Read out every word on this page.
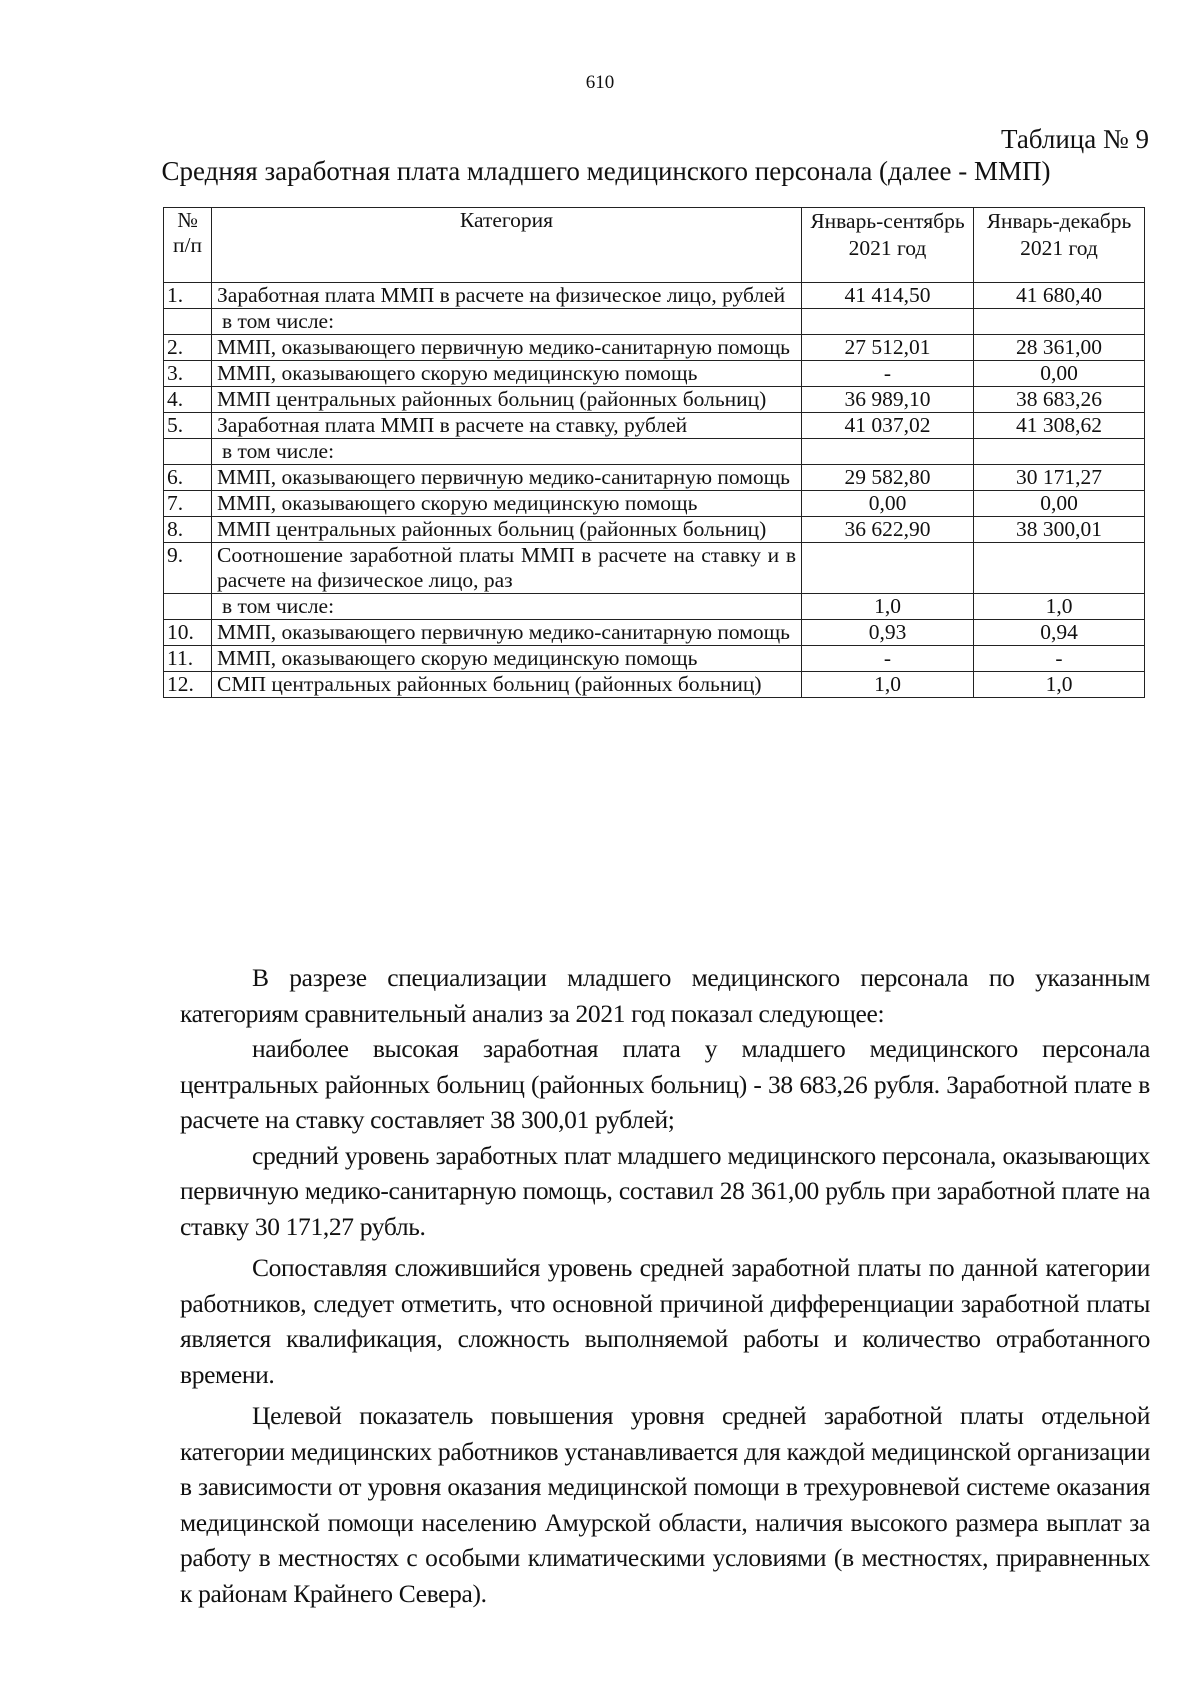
610
Таблица № 9
Средняя заработная плата младшего медицинского персонала (далее - ММП)
№ п/п	Категория	Январь-сентябрь 2021 год	Январь-декабрь 2021 год
1.	Заработная плата ММП в расчете на физическое лицо, рублей	41 414,50	41 680,40
	в том числе:		
2.	ММП, оказывающего первичную медико-санитарную помощь	27 512,01	28 361,00
3.	ММП, оказывающего скорую медицинскую помощь	-	0,00
4.	ММП центральных районных больниц (районных больниц)	36 989,10	38 683,26
5.	Заработная плата ММП в расчете на ставку, рублей	41 037,02	41 308,62
	в том числе:		
6.	ММП, оказывающего первичную медико-санитарную помощь	29 582,80	30 171,27
7.	ММП, оказывающего скорую медицинскую помощь	0,00	0,00
8.	ММП центральных районных больниц (районных больниц)	36 622,90	38 300,01
9.	Соотношение заработной платы ММП в расчете на ставку и в расчете на физическое лицо, раз		
	в том числе:	1,0	1,0
10.	ММП, оказывающего первичную медико-санитарную помощь	0,93	0,94
11.	ММП, оказывающего скорую медицинскую помощь	-	-
12.	СМП центральных районных больниц (районных больниц)	1,0	1,0

В разрезе специализации младшего медицинского персонала по указанным категориям сравнительный анализ за 2021 год показал следующее:

наиболее высокая заработная плата у младшего медицинского персонала центральных районных больниц (районных больниц) - 38 683,26 рубля. Заработной плате в расчете на ставку составляет 38 300,01 рублей;

средний уровень заработных плат младшего медицинского персонала, оказывающих первичную медико-санитарную помощь, составил 28 361,00 рубль при заработной плате на ставку 30 171,27 рубль.

Сопоставляя сложившийся уровень средней заработной платы по данной категории работников, следует отметить, что основной причиной дифференциации заработной платы является квалификация, сложность выполняемой работы и количество отработанного времени.

Целевой показатель повышения уровня средней заработной платы отдельной категории медицинских работников устанавливается для каждой медицинской организации в зависимости от уровня оказания медицинской помощи в трехуровневой системе оказания медицинской помощи населению Амурской области, наличия высокого размера выплат за работу в местностях с особыми климатическими условиями (в местностях, приравненных к районам Крайнего Севера).
